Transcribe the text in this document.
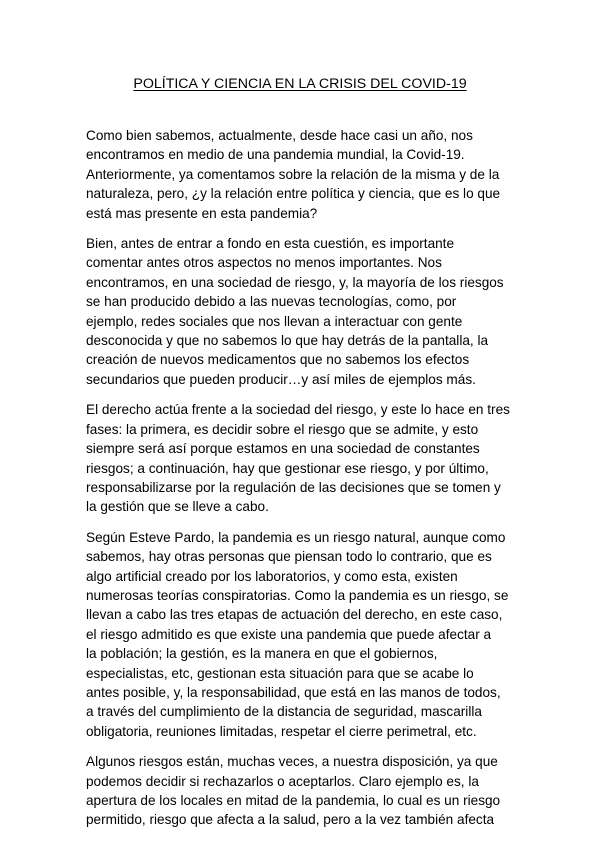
POLÍTICA Y CIENCIA EN LA CRISIS DEL COVID-19

Como bien sabemos, actualmente, desde hace casi un año, nos
encontramos en medio de una pandemia mundial, la Covid-19.
Anteriormente, ya comentamos sobre la relación de la misma y de la
naturaleza, pero, ¿y la relación entre política y ciencia, que es lo que
está mas presente en esta pandemia?

Bien, antes de entrar a fondo en esta cuestión, es importante
comentar antes otros aspectos no menos importantes. Nos
encontramos, en una sociedad de riesgo, y, la mayoría de los riesgos
se han producido debido a las nuevas tecnologías, como, por
ejemplo, redes sociales que nos llevan a interactuar con gente
desconocida y que no sabemos lo que hay detrás de la pantalla, la
creación de nuevos medicamentos que no sabemos los efectos
secundarios que pueden producir…y así miles de ejemplos más.

El derecho actúa frente a la sociedad del riesgo, y este lo hace en tres
fases: la primera, es decidir sobre el riesgo que se admite, y esto
siempre será así porque estamos en una sociedad de constantes
riesgos; a continuación, hay que gestionar ese riesgo, y por último,
responsabilizarse por la regulación de las decisiones que se tomen y
la gestión que se lleve a cabo.

Según Esteve Pardo, la pandemia es un riesgo natural, aunque como
sabemos, hay otras personas que piensan todo lo contrario, que es
algo artificial creado por los laboratorios, y como esta, existen
numerosas teorías conspiratorias. Como la pandemia es un riesgo, se
llevan a cabo las tres etapas de actuación del derecho, en este caso,
el riesgo admitido es que existe una pandemia que puede afectar a
la población; la gestión, es la manera en que el gobiernos,
especialistas, etc, gestionan esta situación para que se acabe lo
antes posible, y, la responsabilidad, que está en las manos de todos,
a través del cumplimiento de la distancia de seguridad, mascarilla
obligatoria, reuniones limitadas, respetar el cierre perimetral, etc.

Algunos riesgos están, muchas veces, a nuestra disposición, ya que
podemos decidir si rechazarlos o aceptarlos. Claro ejemplo es, la
apertura de los locales en mitad de la pandemia, lo cual es un riesgo
permitido, riesgo que afecta a la salud, pero a la vez también afecta
